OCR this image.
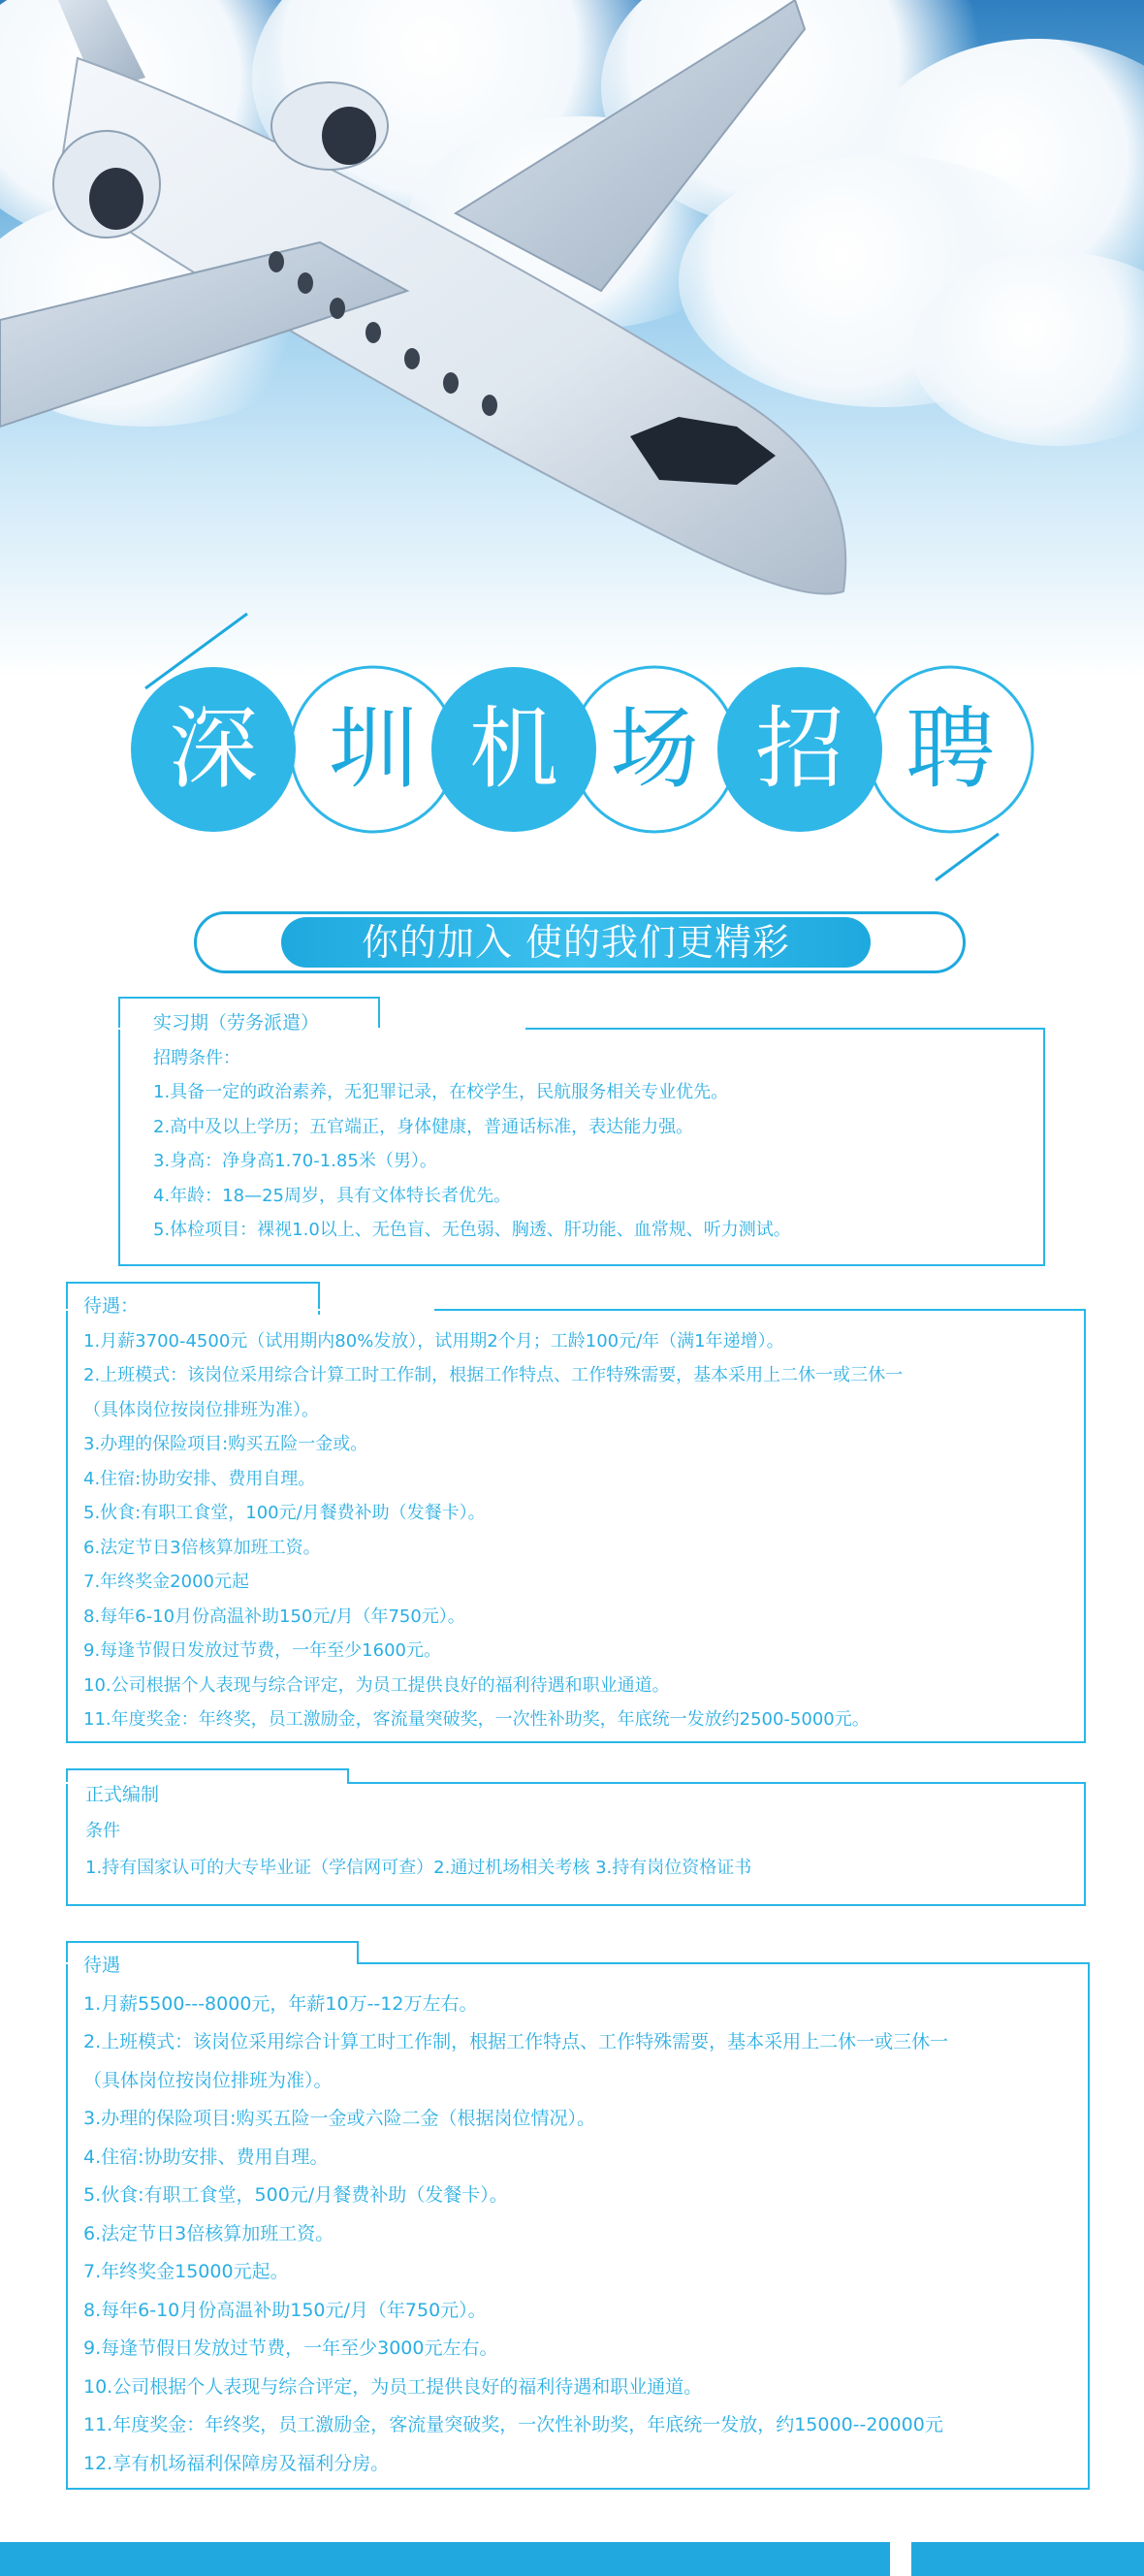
深 圳 机 场 招 聘
你的加入 使的我们更精彩
实习期（劳务派遣）
招聘条件：
1.具备一定的政治素养，无犯罪记录，在校学生，民航服务相关专业优先。
2.高中及以上学历；五官端正，身体健康，普通话标准，表达能力强。
3.身高：净身高1.70-1.85米（男）。
4.年龄：18—25周岁，具有文体特长者优先。
5.体检项目：裸视1.0以上、无色盲、无色弱、胸透、肝功能、血常规、听力测试。
待遇：
1.月薪3700-4500元（试用期内80%发放），试用期2个月；工龄100元/年（满1年递增）。
2.上班模式：该岗位采用综合计算工时工作制，根据工作特点、工作特殊需要，基本采用上二休一或三休一
（具体岗位按岗位排班为准）。
3.办理的保险项目:购买五险一金或。
4.住宿:协助安排、费用自理。
5.伙食:有职工食堂，100元/月餐费补助（发餐卡）。
6.法定节日3倍核算加班工资。
7.年终奖金2000元起
8.每年6-10月份高温补助150元/月（年750元）。
9.每逢节假日发放过节费，一年至少1600元。
10.公司根据个人表现与综合评定，为员工提供良好的福利待遇和职业通道。
11.年度奖金：年终奖，员工激励金，客流量突破奖，一次性补助奖，年底统一发放约2500-5000元。
正式编制
条件
1.持有国家认可的大专毕业证（学信网可查）2.通过机场相关考核 3.持有岗位资格证书
待遇
1.月薪5500---8000元，年薪10万--12万左右。
2.上班模式：该岗位采用综合计算工时工作制，根据工作特点、工作特殊需要，基本采用上二休一或三休一
（具体岗位按岗位排班为准）。
3.办理的保险项目:购买五险一金或六险二金（根据岗位情况）。
4.住宿:协助安排、费用自理。
5.伙食:有职工食堂，500元/月餐费补助（发餐卡）。
6.法定节日3倍核算加班工资。
7.年终奖金15000元起。
8.每年6-10月份高温补助150元/月（年750元）。
9.每逢节假日发放过节费，一年至少3000元左右。
10.公司根据个人表现与综合评定，为员工提供良好的福利待遇和职业通道。
11.年度奖金：年终奖，员工激励金，客流量突破奖，一次性补助奖，年底统一发放，约15000--20000元
12.享有机场福利保障房及福利分房。
